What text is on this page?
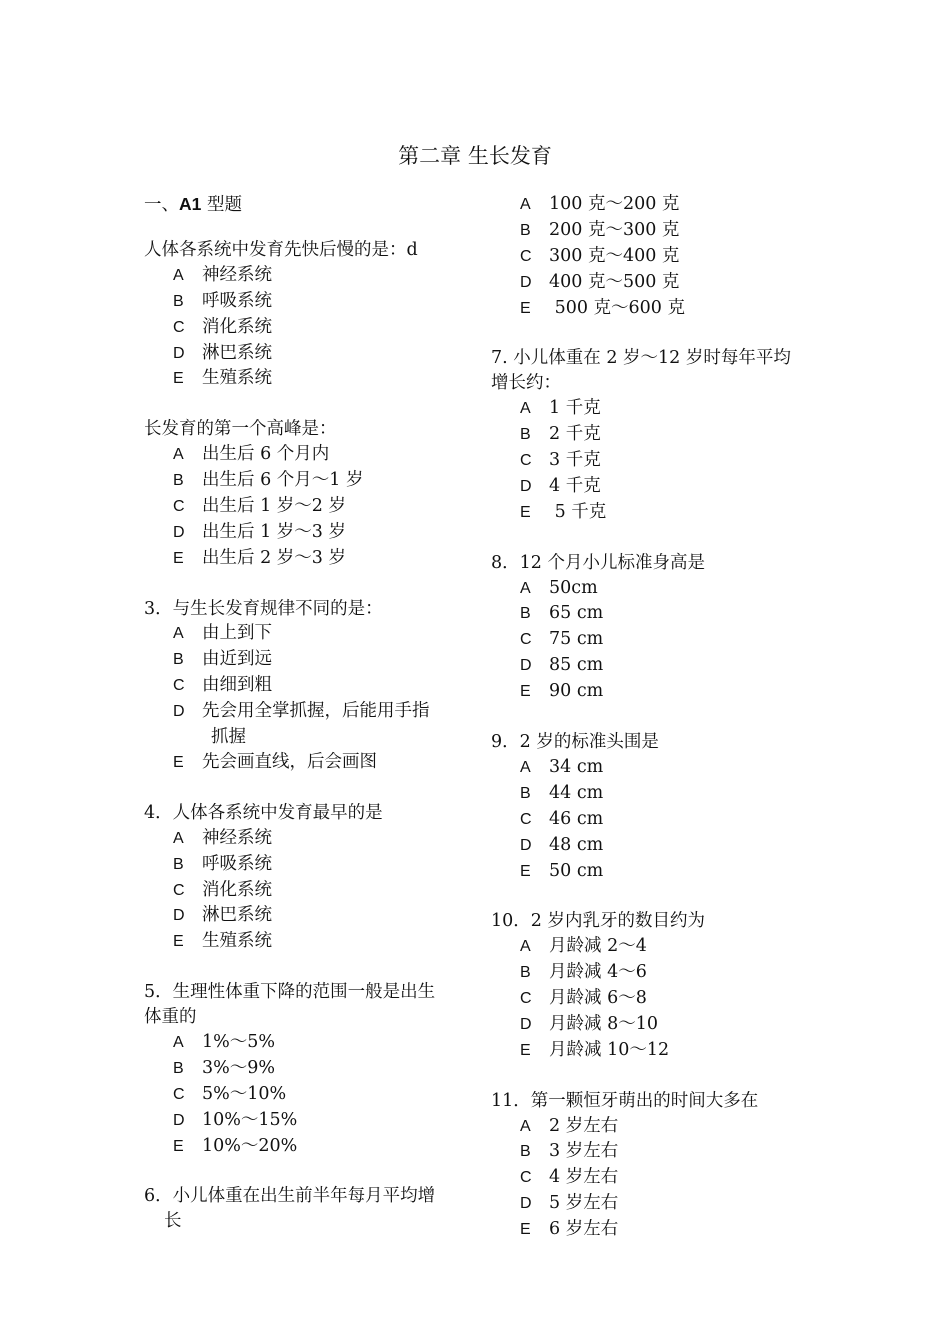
第二章 生长发育
一、A1 型题
人体各系统中发育先快后慢的是：d
A 神经系统
B 呼吸系统
C 消化系统
D 淋巴系统
E 生殖系统
长发育的第一个高峰是：
A 出生后 6 个月内
B 出生后 6 个月～1 岁
C 出生后 1 岁～2 岁
D 出生后 1 岁～3 岁
E 出生后 2 岁～3 岁
3．与生长发育规律不同的是：
A 由上到下
B 由近到远
C 由细到粗
D 先会用全掌抓握，后能用手指
抓握
E 先会画直线，后会画图
4．人体各系统中发育最早的是
A 神经系统
B 呼吸系统
C 消化系统
D 淋巴系统
E 生殖系统
5．生理性体重下降的范围一般是出生
体重的
A 1%～5%
B 3%～9%
C 5%～10%
D 10%～15%
E 10%～20%
6．小儿体重在出生前半年每月平均增
长
A 100 克～200 克
B 200 克～300 克
C 300 克～400 克
D 400 克～500 克
E 500 克～600 克
7. 小儿体重在 2 岁～12 岁时每年平均
增长约：
A 1 千克
B 2 千克
C 3 千克
D 4 千克
E 5 千克
8．12 个月小儿标准身高是
A 50cm
B 65 cm
C 75 cm
D 85 cm
E 90 cm
9．2 岁的标准头围是
A 34 cm
B 44 cm
C 46 cm
D 48 cm
E 50 cm
10．2 岁内乳牙的数目约为
A 月龄减 2～4
B 月龄减 4～6
C 月龄减 6～8
D 月龄减 8～10
E 月龄减 10～12
11．第一颗恒牙萌出的时间大多在
A 2 岁左右
B 3 岁左右
C 4 岁左右
D 5 岁左右
E 6 岁左右
